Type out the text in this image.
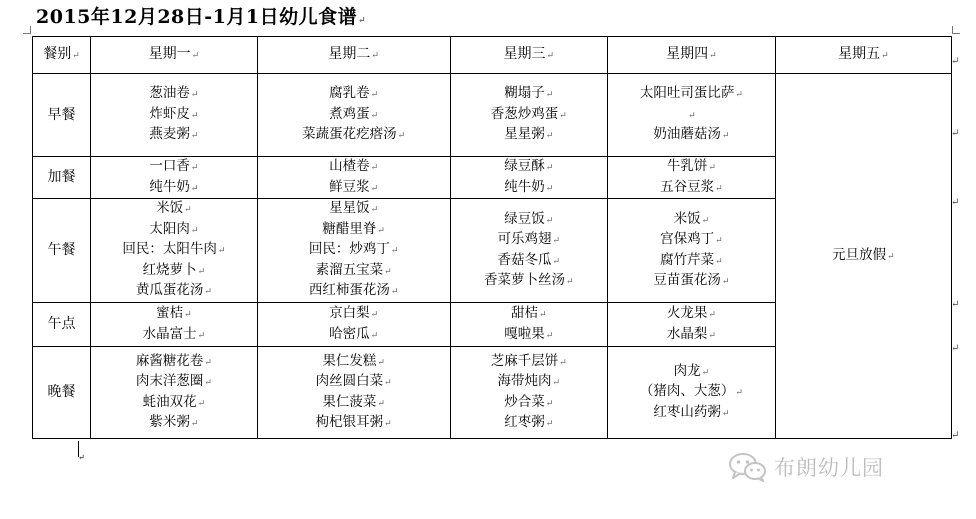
2015年12月28日-1月1日幼儿食谱↵
餐别↵	星期一↵	星期二↵	星期三↵	星期四↵	星期五↵
早餐	葱油卷↵
炸虾皮↵
燕麦粥↵	腐乳卷↵
煮鸡蛋↵
菜蔬蛋花疙瘩汤↵	糊塌子↵
香葱炒鸡蛋↵
星星粥↵	太阳吐司蛋比萨↵
↵
奶油蘑菇汤↵	元旦放假↵
加餐	一口香↵
纯牛奶↵	山楂卷↵
鲜豆浆↵	绿豆酥↵
纯牛奶↵	牛乳饼↵
五谷豆浆↵	

午餐	米饭↵
太阳肉↵
回民：太阳牛肉↵
红烧萝卜↵
黄瓜蛋花汤↵	星星饭↵
糖醋里脊↵
回民：炒鸡丁↵
素溜五宝菜↵
西红柿蛋花汤↵	绿豆饭↵
可乐鸡翅↵
香菇冬瓜↵
香菜萝卜丝汤↵	米饭↵
宫保鸡丁↵
腐竹芹菜↵
豆苗蛋花汤↵	

午点	蜜桔↵
水晶富士↵	京白梨↵
哈密瓜↵	甜桔↵
嘎啦果↵	火龙果↵
水晶梨↵	

晚餐	麻酱糖花卷↵
肉末洋葱圈↵
蚝油双花↵
紫米粥↵	果仁发糕↵
肉丝圆白菜↵
果仁菠菜↵
枸杞银耳粥↵	芝麻千层饼↵
海带炖肉↵
炒合菜↵
红枣粥↵	肉龙↵
（猪肉、大葱）↵
红枣山药粥↵	
↵
↵
↵
↵
↵
↵
↵	布朗幼儿园
